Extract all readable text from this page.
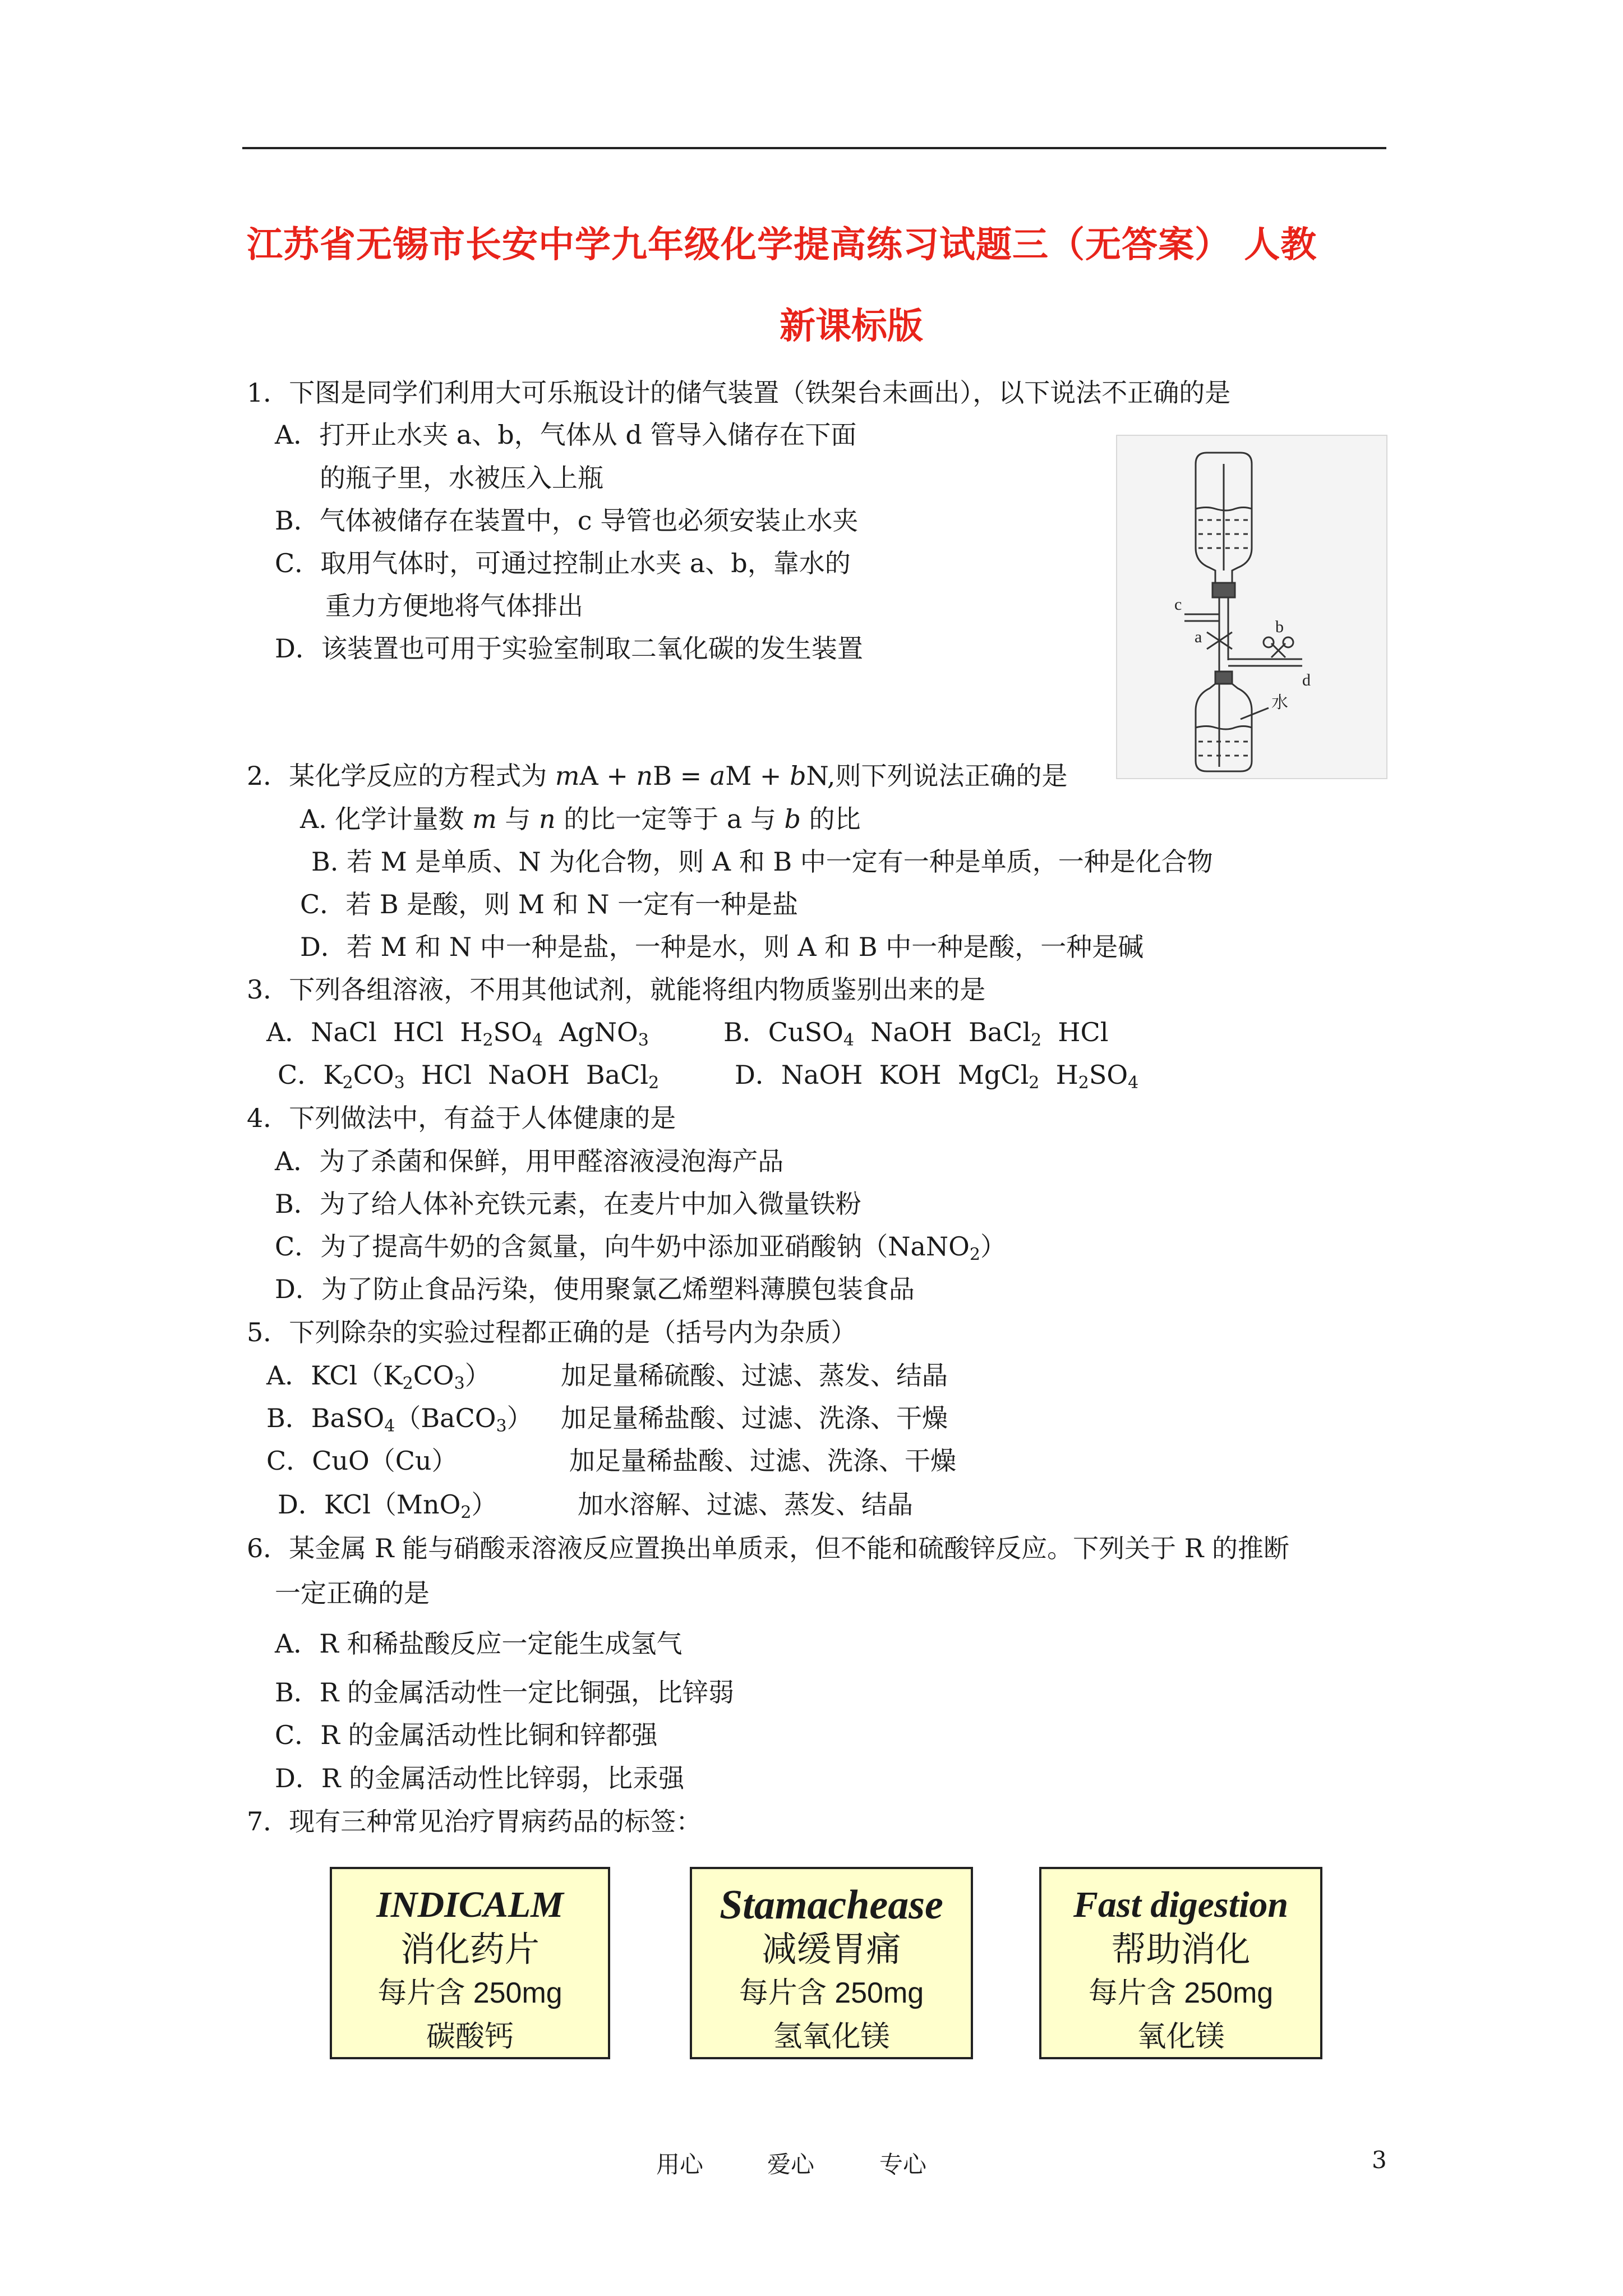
江苏省无锡市长安中学九年级化学提高练习试题三（无答案） 人教
新课标版
1．下图是同学们利用大可乐瓶设计的储气装置（铁架台未画出），以下说法不正确的是
A．打开止水夹 a、b，气体从 d 管导入储存在下面
的瓶子里，水被压入上瓶
B．气体被储存在装置中，c 导管也必须安装止水夹
C．取用气体时，可通过控制止水夹 a、b，靠水的
重力方便地将气体排出
D．该装置也可用于实验室制取二氧化碳的发生装置
c
a
b
d
水
2．某化学反应的方程式为 mA + nB = aM + bN,则下列说法正确的是
A. 化学计量数 m 与 n 的比一定等于 a 与 b 的比
B. 若 M 是单质、N 为化合物，则 A 和 B 中一定有一种是单质，一种是化合物
C．若 B 是酸，则 M 和 N 一定有一种是盐
D．若 M 和 N 中一种是盐，一种是水，则 A 和 B 中一种是酸，一种是碱
3．下列各组溶液，不用其他试剂，就能将组内物质鉴别出来的是
A．NaCl  HCl  $H_2SO_4$  AgNO$_3$	B．CuSO$_4$  NaOH  BaCl$_2$  HCl
C．$K_2CO_3$  HCl  NaOH  BaCl$_2$	D．NaOH  KOH  MgCl$_2$  $H_2SO_4$
4．下列做法中，有益于人体健康的是
A．为了杀菌和保鲜，用甲醛溶液浸泡海产品
B．为了给人体补充铁元素，在麦片中加入微量铁粉
C．为了提高牛奶的含氮量，向牛奶中添加亚硝酸钠（NaNO$_2$）
D．为了防止食品污染，使用聚氯乙烯塑料薄膜包装食品
5．下列除杂的实验过程都正确的是（括号内为杂质）
A．$KCl(K_2CO_3)$	加足量稀硫酸、过滤、蒸发、结晶
B．BaSO$_4$（BaCO$_3$） 加足量稀盐酸、过滤、洗涤、干燥
C．CuO（Cu）	加足量稀盐酸、过滤、洗涤、干燥
D．KCl（MnO$_2$）	加水溶解、过滤、蒸发、结晶
6．某金属 R 能与硝酸汞溶液反应置换出单质汞，但不能和硫酸锌反应。下列关于 R 的推断
一定正确的是
A．R 和稀盐酸反应一定能生成氢气
B．R 的金属活动性一定比铜强，比锌弱
C．R 的金属活动性比铜和锌都强
D．R 的金属活动性比锌弱，比汞强
7．现有三种常见治疗胃病药品的标签：
INDICALM
消化药片
每片含 250mg
碳酸钙
Stamachease
减缓胃痛
每片含 250mg
氢氧化镁
Fast digestion
帮助消化
每片含 250mg
氧化镁
用心	爱心	专心	3
